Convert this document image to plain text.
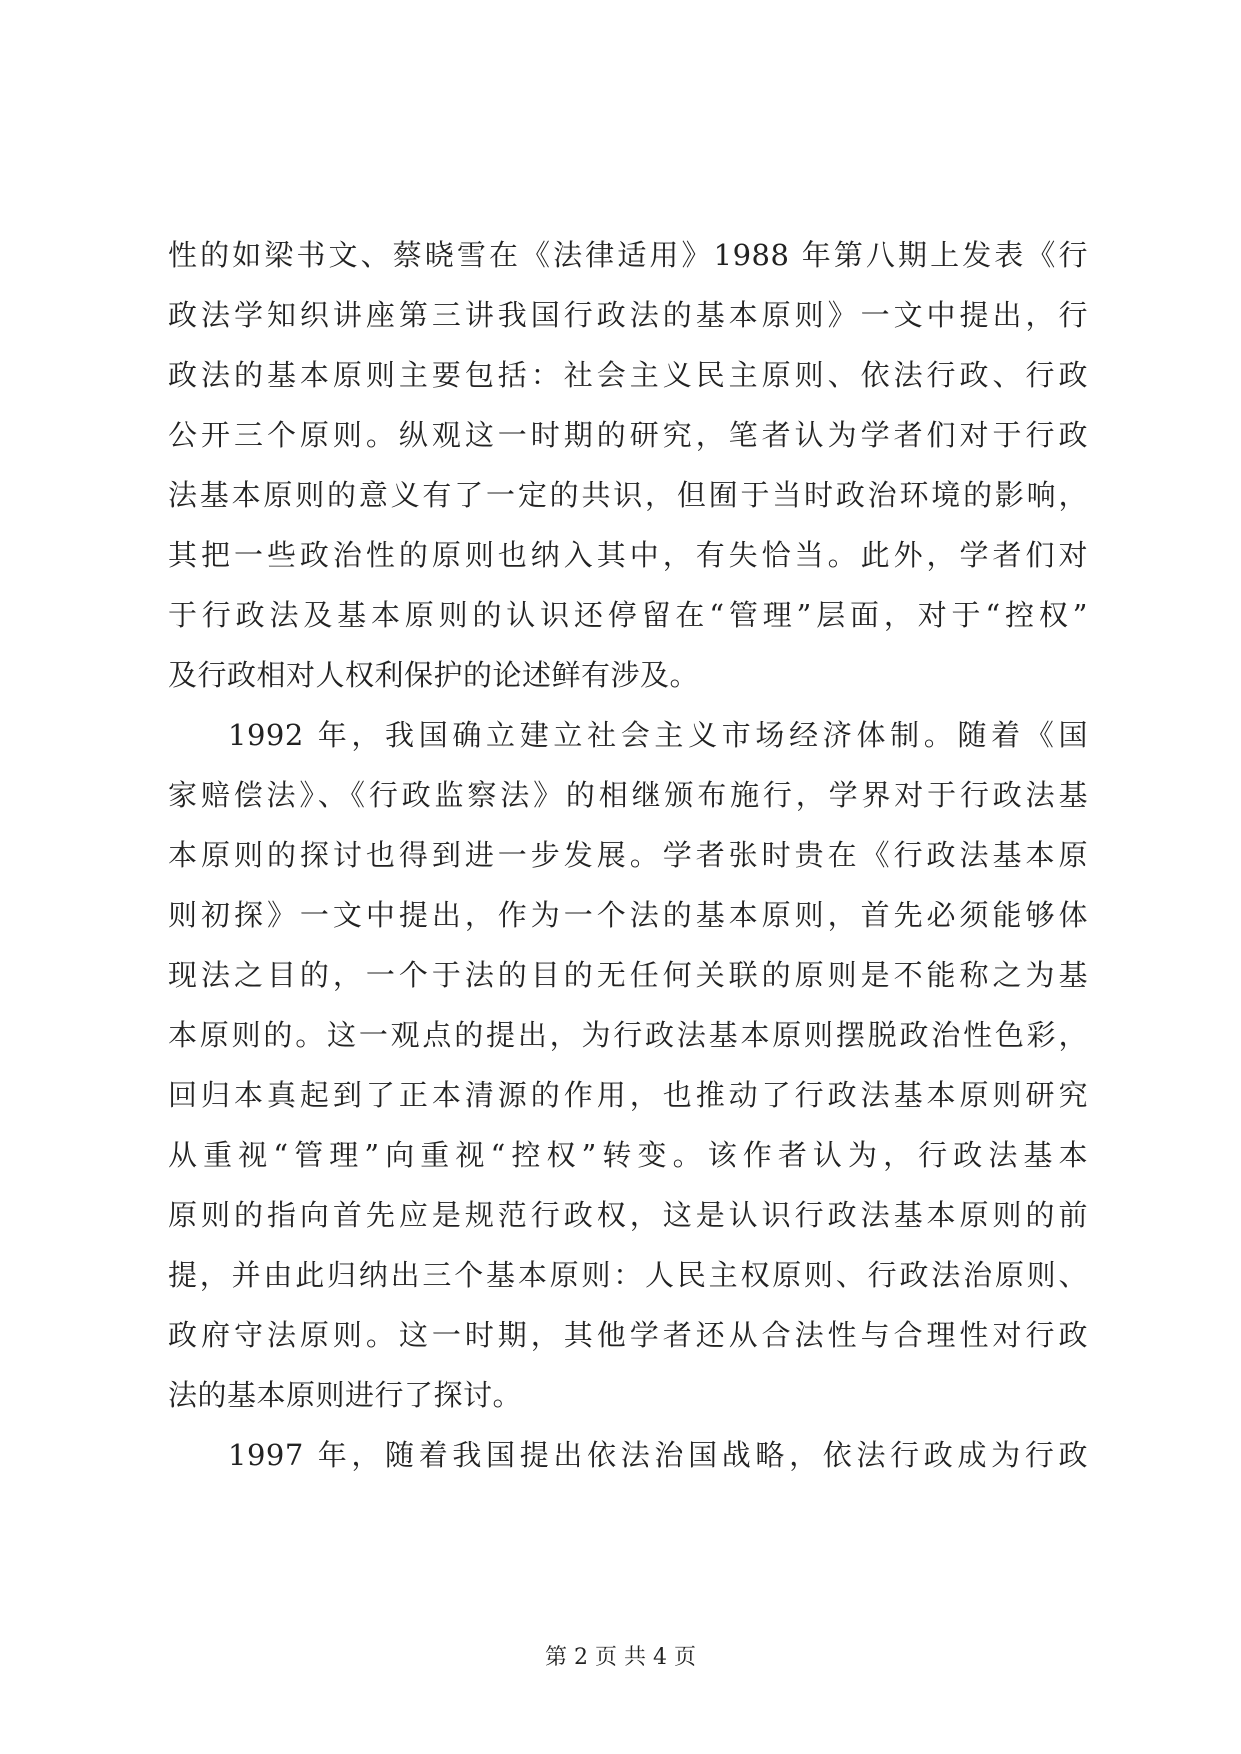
性的如梁书文、蔡晓雪在《法律适用》1988 年第八期上发表《行
政法学知织讲座第三讲我国行政法的基本原则》一文中提出，行
政法的基本原则主要包括：社会主义民主原则、依法行政、行政
公开三个原则。纵观这一时期的研究，笔者认为学者们对于行政
法基本原则的意义有了一定的共识，但囿于当时政治环境的影响，
其把一些政治性的原则也纳入其中，有失恰当。此外，学者们对
于行政法及基本原则的认识还停留在“管理”层面，对于“控权”
及行政相对人权利保护的论述鲜有涉及。
1992 年，我国确立建立社会主义市场经济体制。随着《国
家赔偿法》、《行政监察法》的相继颁布施行，学界对于行政法基
本原则的探讨也得到进一步发展。学者张时贵在《行政法基本原
则初探》一文中提出，作为一个法的基本原则，首先必须能够体
现法之目的，一个于法的目的无任何关联的原则是不能称之为基
本原则的。这一观点的提出，为行政法基本原则摆脱政治性色彩，
回归本真起到了正本清源的作用，也推动了行政法基本原则研究
从重视“管理”向重视“控权”转变。该作者认为，行政法基本
原则的指向首先应是规范行政权，这是认识行政法基本原则的前
提，并由此归纳出三个基本原则：人民主权原则、行政法治原则、
政府守法原则。这一时期，其他学者还从合法性与合理性对行政
法的基本原则进行了探讨。
1997 年，随着我国提出依法治国战略，依法行政成为行政
第 2 页 共 4 页
